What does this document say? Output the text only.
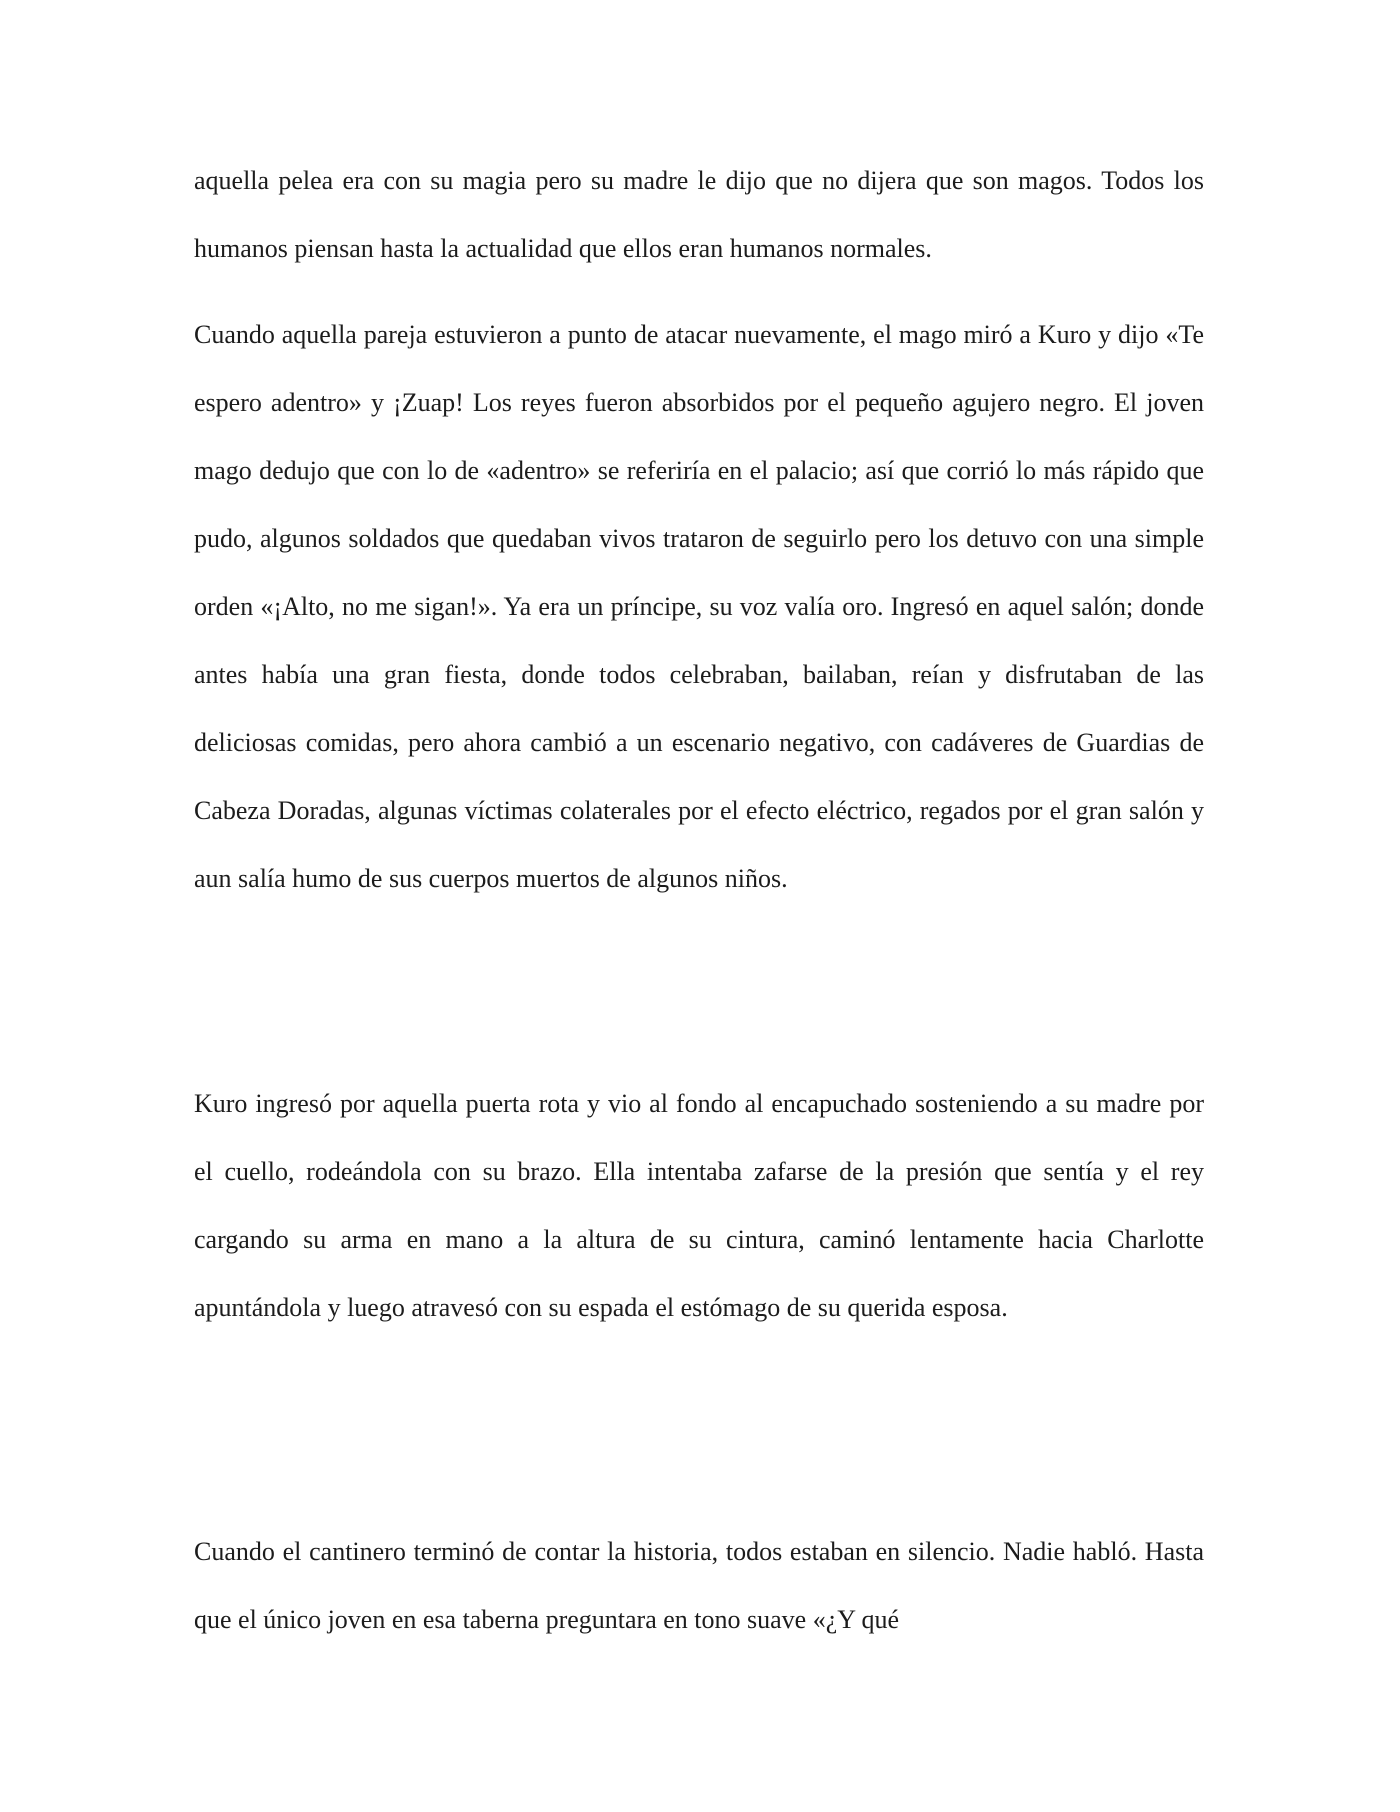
aquella pelea era con su magia pero su madre le dijo que no dijera que son magos. Todos los humanos piensan hasta la actualidad que ellos eran humanos normales.

Cuando aquella pareja estuvieron a punto de atacar nuevamente, el mago miró a Kuro y dijo «Te espero adentro» y ¡Zuap! Los reyes fueron absorbidos por el pequeño agujero negro. El joven mago dedujo que con lo de «adentro» se referiría en el palacio; así que corrió lo más rápido que pudo, algunos soldados que quedaban vivos trataron de seguirlo pero los detuvo con una simple orden «¡Alto, no me sigan!». Ya era un príncipe, su voz valía oro. Ingresó en aquel salón; donde antes había una gran fiesta, donde todos celebraban, bailaban, reían y disfrutaban de las deliciosas comidas, pero ahora cambió a un escenario negativo, con cadáveres de Guardias de Cabeza Doradas, algunas víctimas colaterales por el efecto eléctrico, regados por el gran salón y aun salía humo de sus cuerpos muertos de algunos niños.

Kuro ingresó por aquella puerta rota y vio al fondo al encapuchado sosteniendo a su madre por el cuello, rodeándola con su brazo. Ella intentaba zafarse de la presión que sentía y el rey cargando su arma en mano a la altura de su cintura, caminó lentamente hacia Charlotte apuntándola y luego atravesó con su espada el estómago de su querida esposa.

Cuando el cantinero terminó de contar la historia, todos estaban en silencio. Nadie habló. Hasta que el único joven en esa taberna preguntara en tono suave «¿Y qué
